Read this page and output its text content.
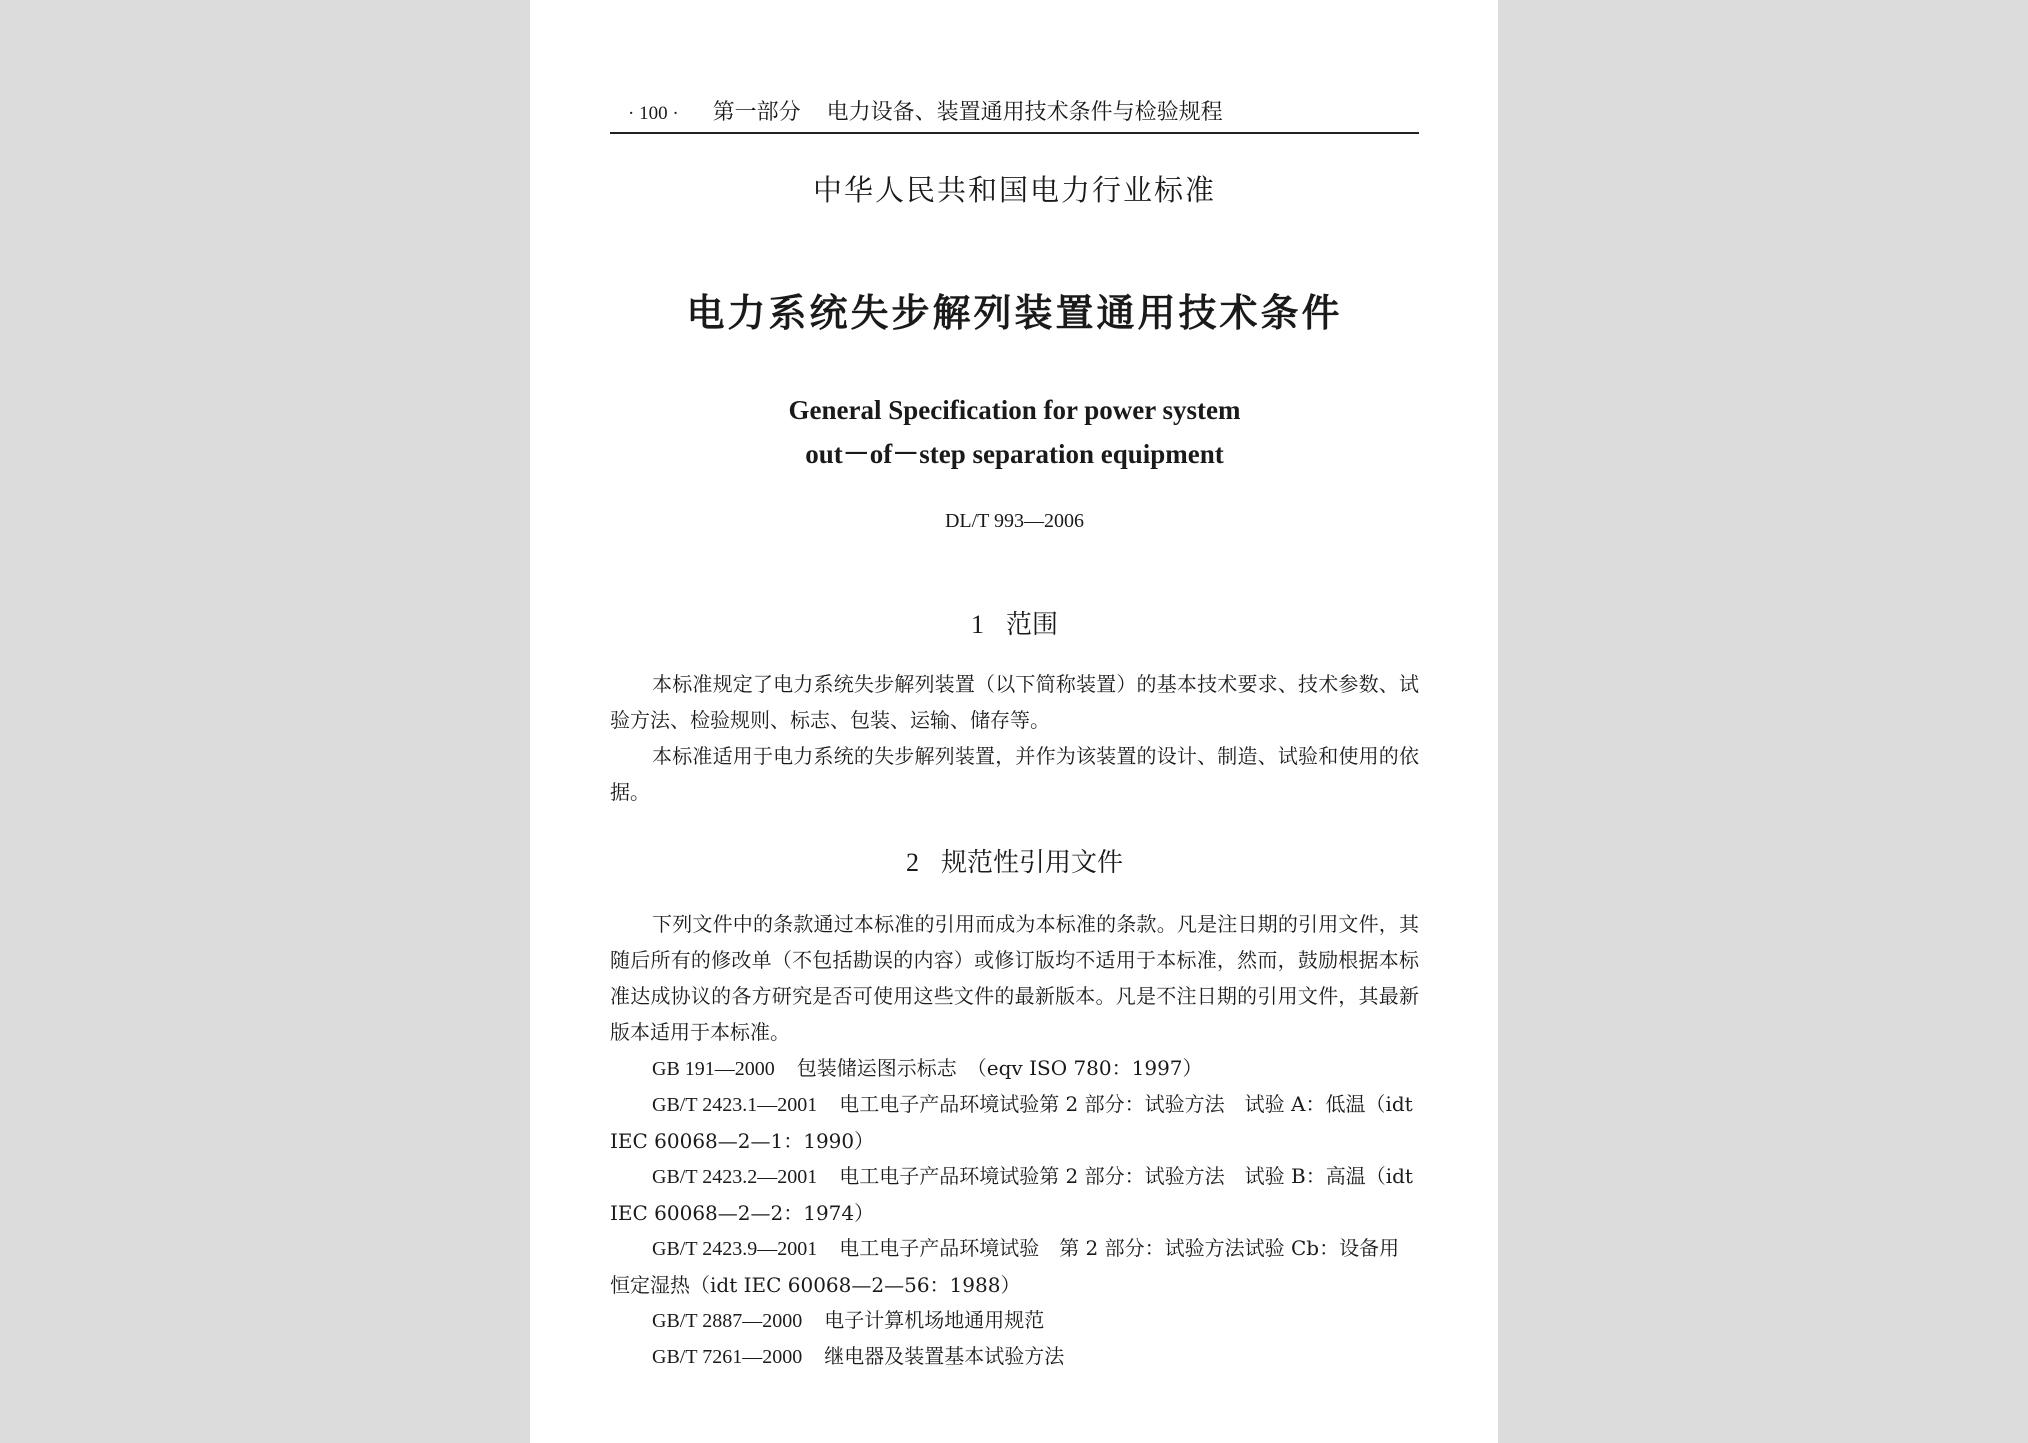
· 100 · 第一部分 电力设备、装置通用技术条件与检验规程
中华人民共和国电力行业标准
电力系统失步解列装置通用技术条件
General Specification for power system
out－of－step separation equipment
DL/T 993—2006
1 范围
本标准规定了电力系统失步解列装置（以下简称装置）的基本技术要求、技术参数、试验方法、检验规则、标志、包装、运输、储存等。
本标准适用于电力系统的失步解列装置，并作为该装置的设计、制造、试验和使用的依据。
2 规范性引用文件
下列文件中的条款通过本标准的引用而成为本标准的条款。凡是注日期的引用文件，其随后所有的修改单（不包括勘误的内容）或修订版均不适用于本标准，然而，鼓励根据本标准达成协议的各方研究是否可使用这些文件的最新版本。凡是不注日期的引用文件，其最新版本适用于本标准。
GB 191—2000 包装储运图示标志　（eqv ISO 780：1997）
GB/T 2423.1—2001 电工电子产品环境试验第 2 部分：试验方法　试验 A：低温（idt IEC 60068—2—1：1990）
GB/T 2423.2—2001 电工电子产品环境试验第 2 部分：试验方法　试验 B：高温（idt IEC 60068—2—2：1974）
GB/T 2423.9—2001 电工电子产品环境试验　第 2 部分：试验方法试验 Cb：设备用恒定湿热（idt IEC 60068—2—56：1988）
GB/T 2887—2000 电子计算机场地通用规范
GB/T 7261—2000 继电器及装置基本试验方法
